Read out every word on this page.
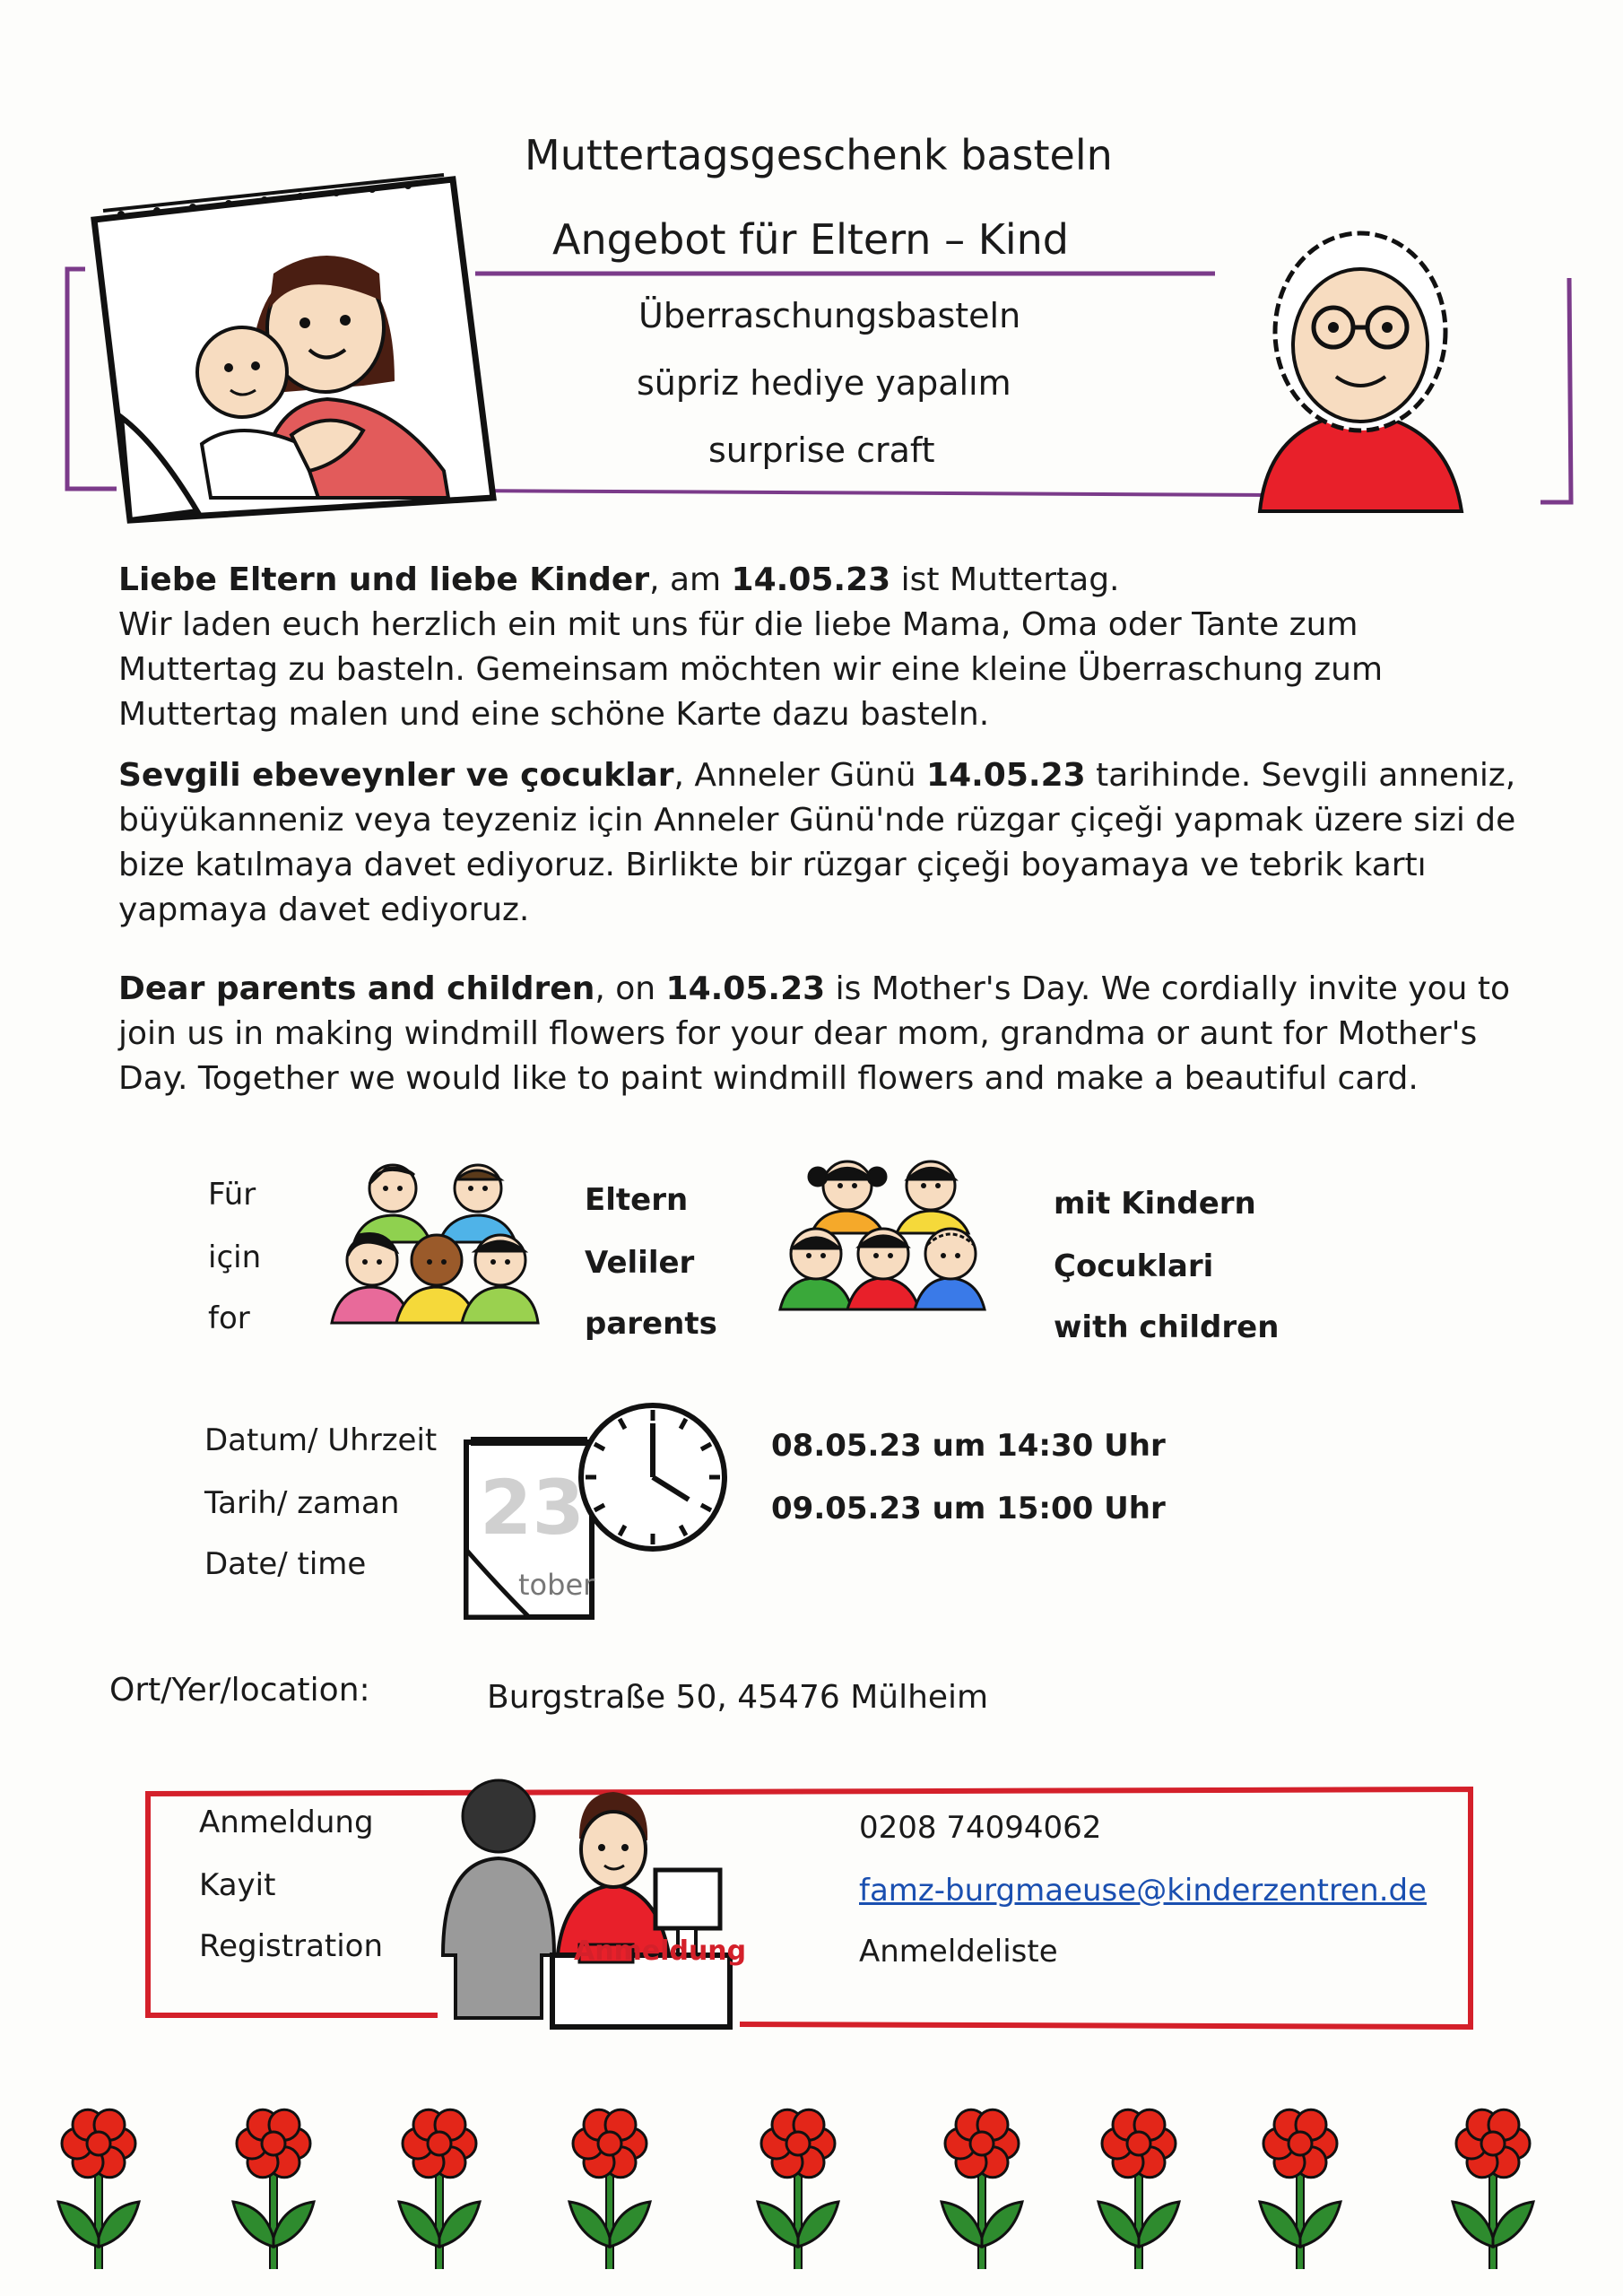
Muttertagsgeschenk basteln
Angebot für Eltern – Kind
Überraschungsbasteln
süpriz hediye yapalım
surprise craft
Liebe Eltern und liebe Kinder, am 14.05.23 ist Muttertag.
Wir laden euch herzlich ein mit uns für die liebe Mama, Oma oder Tante zum Muttertag zu basteln. Gemeinsam möchten wir eine kleine Überraschung zum Muttertag malen und eine schöne Karte dazu basteln.
Sevgili ebeveynler ve çocuklar, Anneler Günü 14.05.23 tarihinde. Sevgili anneniz, büyükanneniz veya teyzeniz için Anneler Günü'nde rüzgar çiçeği yapmak üzere sizi de bize katılmaya davet ediyoruz. Birlikte bir rüzgar çiçeği boyamaya ve tebrik kartı yapmaya davet ediyoruz.
Dear parents and children, on 14.05.23 is Mother's Day. We cordially invite you to join us in making windmill flowers for your dear mom, grandma or aunt for Mother's Day. Together we would like to paint windmill flowers and make a beautiful card.
Für
için
for
Eltern
Veliler
parents
mit Kindern
Çocuklari
with children
Datum/ Uhrzeit
Tarih/ zaman
Date/ time
23
tober
08.05.23 um 14:30 Uhr
09.05.23 um 15:00 Uhr
Ort/Yer/location:	Burgstraße 50, 45476 Mülheim
Anmeldung
Kayit
Registration	Anmeldung
0208 74094062
famz-burgmaeuse@kinderzentren.de
Anmeldeliste
